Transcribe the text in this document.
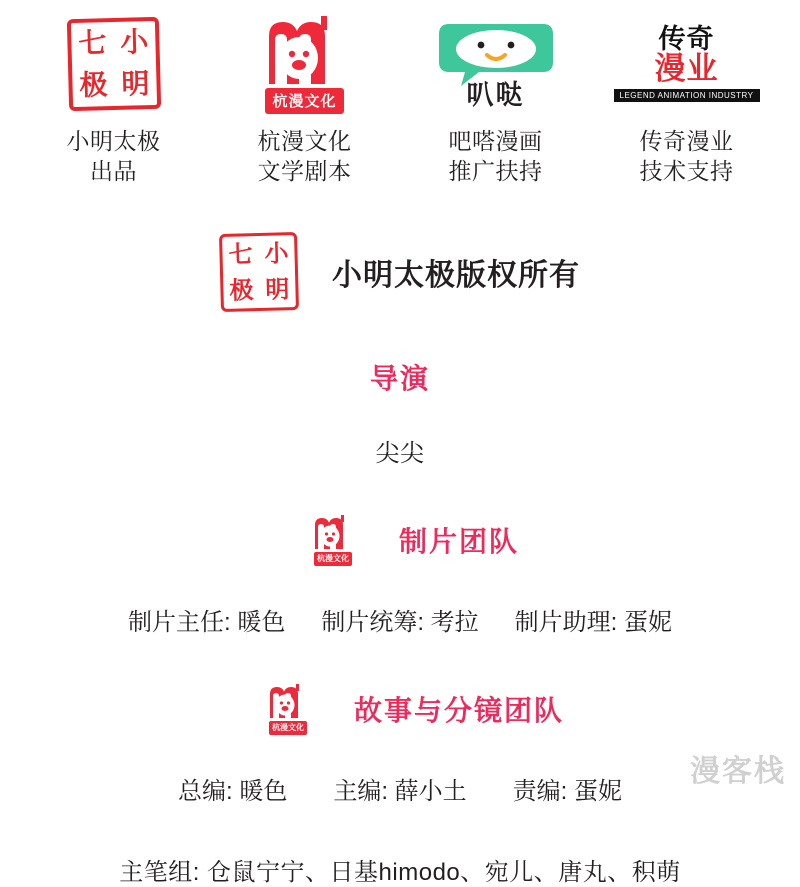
七 小
极 明
小明太极
出品
杭漫文化
杭漫文化
文学剧本
叭哒
吧嗒漫画
推广扶持
传奇
漫业
LEGEND ANIMATION INDUSTRY
传奇漫业
技术支持
七 小
极 明 小明太极版权所有
导演
尖尖
杭漫文化
制片团队
制片主任: 暖色 制片统筹: 考拉 制片助理: 蛋妮
杭漫文化
故事与分镜团队
总编: 暖色 主编: 薛小土 责编: 蛋妮
主笔组: 仓鼠宁宁、日基himodo、宛儿、唐丸、积萌
漫客栈
